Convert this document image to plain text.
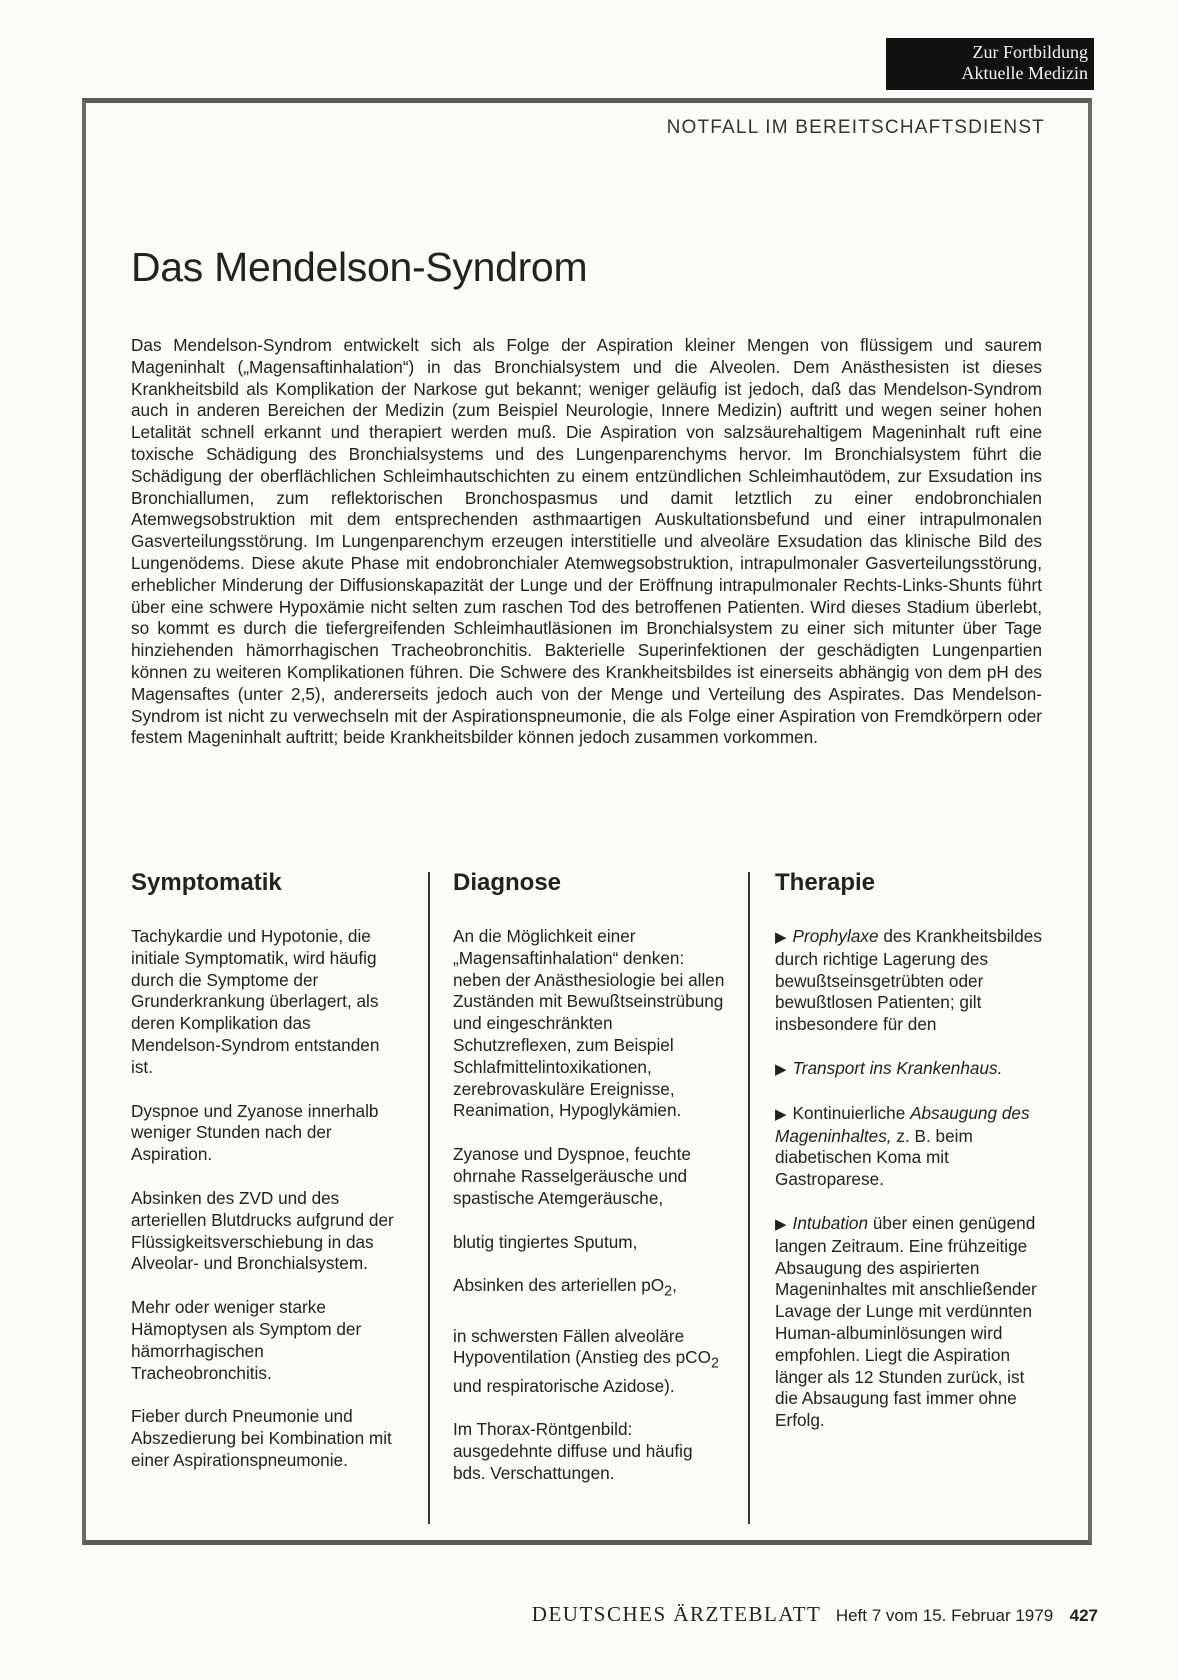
Zur Fortbildung
Aktuelle Medizin
NOTFALL IM BEREITSCHAFTSDIENST
Das Mendelson-Syndrom

Das Mendelson-Syndrom entwickelt sich als Folge der Aspiration kleiner Mengen von flüssigem und saurem Mageninhalt („Magensaftinhalation“) in das Bronchialsystem und die Alveolen. Dem Anästhesisten ist dieses Krankheitsbild als Komplikation der Narkose gut bekannt; weniger geläufig ist jedoch, daß das Mendelson-Syndrom auch in anderen Bereichen der Medizin (zum Beispiel Neurologie, Innere Medizin) auftritt und wegen seiner hohen Letalität schnell erkannt und therapiert werden muß. Die Aspiration von salzsäurehaltigem Mageninhalt ruft eine toxische Schädigung des Bronchialsystems und des Lungenparenchyms hervor. Im Bronchialsystem führt die Schädigung der oberflächlichen Schleimhautschichten zu einem entzündlichen Schleimhautödem, zur Exsudation ins Bronchiallumen, zum reflektorischen Bronchospasmus und damit letztlich zu einer endobronchialen Atemwegsobstruktion mit dem entsprechenden asthmaartigen Auskultationsbefund und einer intrapulmonalen Gasverteilungsstörung. Im Lungenparenchym erzeugen interstitielle und alveoläre Exsudation das klinische Bild des Lungenödems. Diese akute Phase mit endobronchialer Atemwegsobstruktion, intrapulmonaler Gasverteilungsstörung, erheblicher Minderung der Diffusionskapazität der Lunge und der Eröffnung intrapulmonaler Rechts-Links-Shunts führt über eine schwere Hypoxämie nicht selten zum raschen Tod des betroffenen Patienten. Wird dieses Stadium überlebt, so kommt es durch die tiefergreifenden Schleimhautläsionen im Bronchialsystem zu einer sich mitunter über Tage hinziehenden hämorrhagischen Tracheobronchitis. Bakterielle Superinfektionen der geschädigten Lungenpartien können zu weiteren Komplikationen führen. Die Schwere des Krankheitsbildes ist einerseits abhängig von dem pH des Magensaftes (unter 2,5), andererseits jedoch auch von der Menge und Verteilung des Aspirates. Das Mendelson-Syndrom ist nicht zu verwechseln mit der Aspirationspneumonie, die als Folge einer Aspiration von Fremdkörpern oder festem Mageninhalt auftritt; beide Krankheitsbilder können jedoch zusammen vorkommen.

Symptomatik

Tachykardie und Hypotonie, die initiale Symptomatik, wird häufig durch die Symptome der Grunderkrankung überlagert, als deren Komplikation das Mendelson-Syndrom entstanden ist.

Dyspnoe und Zyanose innerhalb weniger Stunden nach der Aspiration.

Absinken des ZVD und des arteriellen Blutdrucks aufgrund der Flüssigkeitsverschiebung in das Alveolar- und Bronchialsystem.

Mehr oder weniger starke Hämoptysen als Symptom der hämorrhagischen Tracheobronchitis.

Fieber durch Pneumonie und Abszedierung bei Kombination mit einer Aspirationspneumonie.

Diagnose

An die Möglichkeit einer „Magensaftinhalation“ denken: neben der Anästhesiologie bei allen Zuständen mit Bewußtseinstrübung und eingeschränkten Schutzreflexen, zum Beispiel Schlafmittelintoxikationen, zerebrovaskuläre Ereignisse, Reanimation, Hypoglykämien.

Zyanose und Dyspnoe, feuchte ohrnahe Rasselgeräusche und spastische Atemgeräusche,

blutig tingiertes Sputum,

Absinken des arteriellen $pO_2$,

in schwersten Fällen alveoläre Hypoventilation (Anstieg des pCO$_2$ und respiratorische Azidose).

Im Thorax-Röntgenbild: ausgedehnte diffuse und häufig bds. Verschattungen.

Therapie

▶ Prophylaxe des Krankheitsbildes durch richtige Lagerung des bewußtseinsgetrübten oder bewußtlosen Patienten; gilt insbesondere für den

▶ Transport ins Krankenhaus.

▶ Kontinuierliche Absaugung des Mageninhaltes, z. B. beim diabetischen Koma mit Gastroparese.

▶ Intubation über einen genügend langen Zeitraum. Eine frühzeitige Absaugung des aspirierten Mageninhaltes mit anschließender Lavage der Lunge mit verdünnten Human-albuminlösungen wird empfohlen. Liegt die Aspiration länger als 12 Stunden zurück, ist die Absaugung fast immer ohne Erfolg.

DEUTSCHES ÄRZTEBLATT Heft 7 vom 15. Februar 1979 427
